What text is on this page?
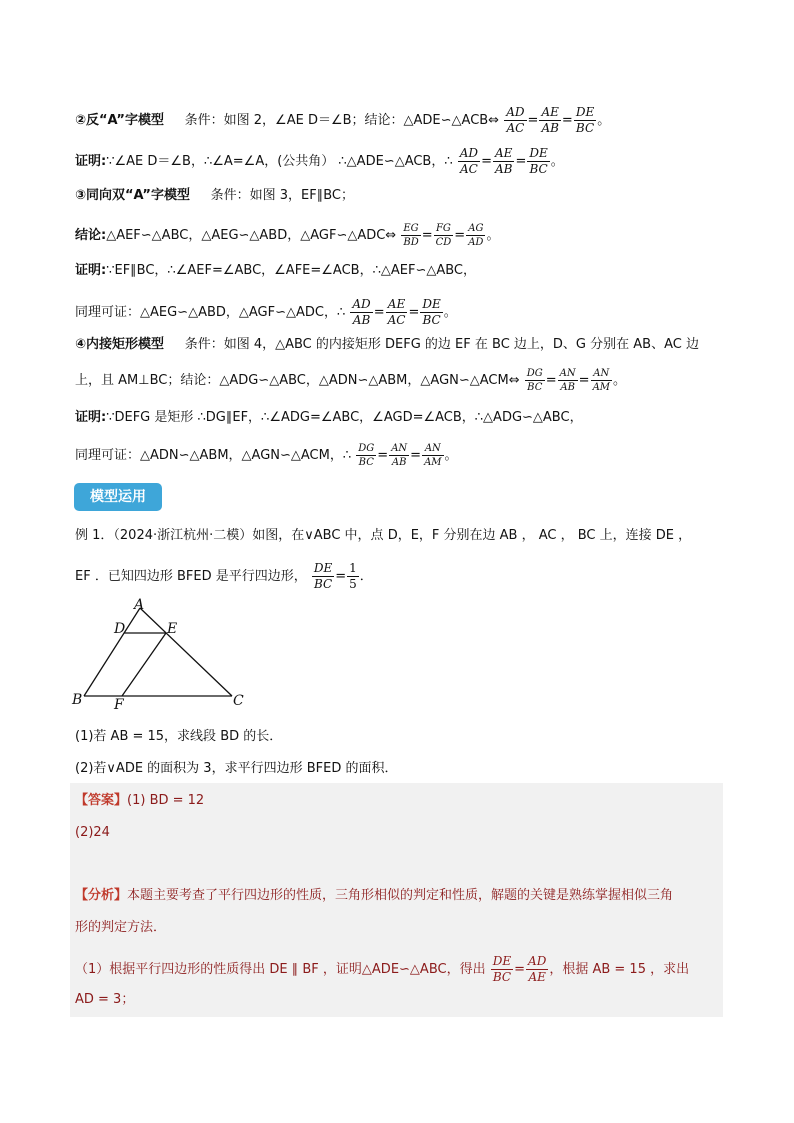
②反“A”字模型 条件：如图 2，∠AE D＝∠B；结论：△ADE∽△ACB⇔ $\frac{AD}{AC} = \frac{AE}{AB} = \frac{DE}{BC}$ 。
证明:∵∠AE D＝∠B，∴∠A=∠A，(公共角） ∴△ADE∽△ACB，∴ $\frac{AD}{AC} = \frac{AE}{AB} = \frac{DE}{BC}$ 。
③同向双“A”字模型 条件：如图 3，EF∥BC；
结论:△AEF∽△ABC，△AEG∽△ABD，△AGF∽△ADC⇔ $\frac{EG}{BD} = \frac{FG}{CD} = \frac{AG}{AD}$ 。
证明:∵EF∥BC，∴∠AEF=∠ABC，∠AFE=∠ACB，∴△AEF∽△ABC，
同理可证：△AEG∽△ABD，△AGF∽△ADC，∴ $\frac{AD}{AB} = \frac{AE}{AC} = \frac{DE}{BC}$ 。
④内接矩形模型 条件：如图 4，△ABC 的内接矩形 DEFG 的边 EF 在 BC 边上，D、G 分别在 AB、AC 边
上，且 AM⊥BC；结论：△ADG∽△ABC，△ADN∽△ABM，△AGN∽△ACM⇔ $\frac{DG}{BC} = \frac{AN}{AB} = \frac{AN}{AM}$ 。
证明:∵DEFG 是矩形 ∴DG∥EF，∴∠ADG=∠ABC，∠AGD=∠ACB，∴△ADG∽△ABC，
同理可证：△ADN∽△ABM，△AGN∽△ACM，∴ $\frac{DG}{BC} = \frac{AN}{AB} = \frac{AN}{AM}$ 。
模型运用
例 1．（2024·浙江杭州·二模）如图，在∨ABC 中，点 D，E，F 分别在边 AB ， AC ， BC 上，连接 DE ，
EF ．已知四边形 BFED 是平行四边形， $\frac{DE}{BC} = \frac{1}{5}$ ．
A
D	E
B F	C
(1)若 AB = 15，求线段 BD 的长．
(2)若∨ADE 的面积为 3，求平行四边形 BFED 的面积．
【答案】(1) BD = 12
(2)24
【分析】本题主要考查了平行四边形的性质，三角形相似的判定和性质，解题的关键是熟练掌握相似三角
形的判定方法．
（1）根据平行四边形的性质得出 DE ∥ BF ，证明△ADE∽△ABC，得出 $\frac{DE}{BC} = \frac{AD}{AE}$ ，根据 AB = 15 ，求出
AD = 3；
